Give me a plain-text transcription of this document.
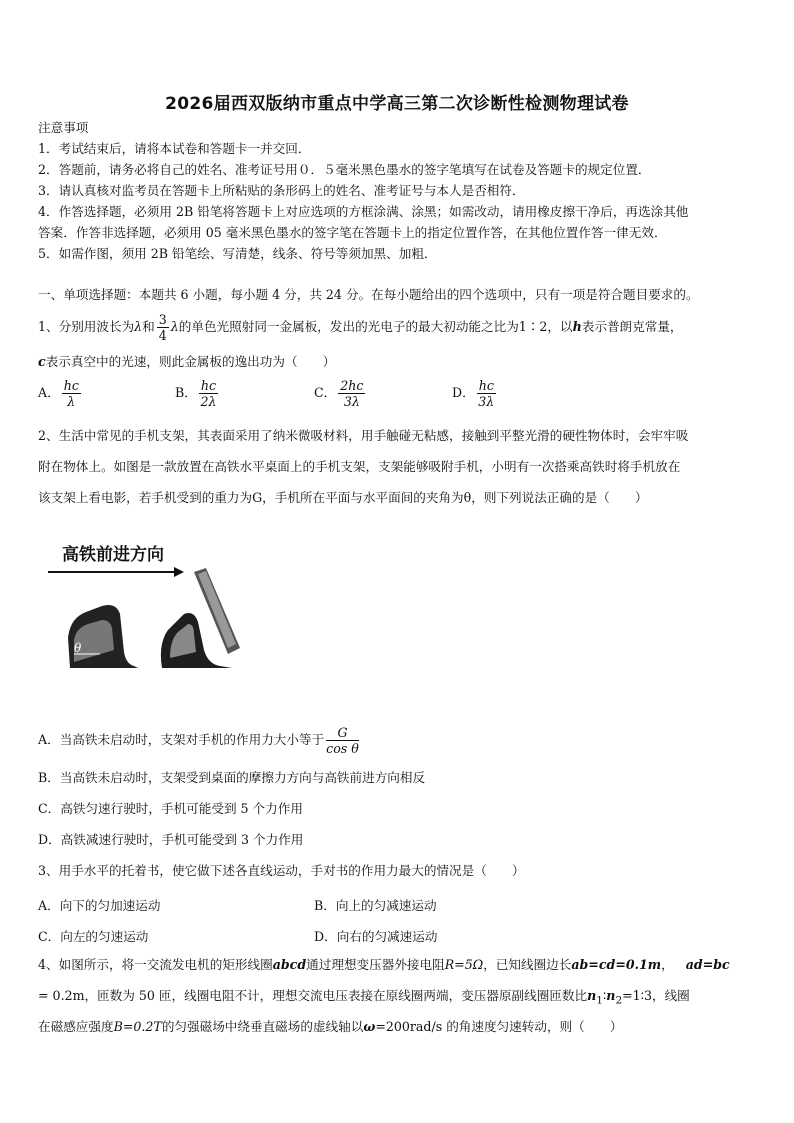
2026届西双版纳市重点中学高三第二次诊断性检测物理试卷
注意事项
1．考试结束后，请将本试卷和答题卡一并交回．
2．答题前，请务必将自己的姓名、准考证号用０．５毫米黑色墨水的签字笔填写在试卷及答题卡的规定位置．
3．请认真核对监考员在答题卡上所粘贴的条形码上的姓名、准考证号与本人是否相符．
4．作答选择题，必须用 2B 铅笔将答题卡上对应选项的方框涂满、涂黑；如需改动，请用橡皮擦干净后，再选涂其他
答案．作答非选择题，必须用 05 毫米黑色墨水的签字笔在答题卡上的指定位置作答，在其他位置作答一律无效．
5．如需作图，须用 2B 铅笔绘、写清楚，线条、符号等须加黑、加粗．
一、单项选择题：本题共 6 小题，每小题 4 分，共 24 分。在每小题给出的四个选项中，只有一项是符合题目要求的。
1、分别用波长为λ和 $\frac{3}{4}$ λ的单色光照射同一金属板，发出的光电子的最大初动能之比为1∶2，以h表示普朗克常量，
c表示真空中的光速，则此金属板的逸出功为（　　）
A． $\frac{hc}{\lambda}$	B． $\frac{hc}{2\lambda}$	C． $\frac{2hc}{3\lambda}$	D． $\frac{hc}{3\lambda}$
2、生活中常见的手机支架，其表面采用了纳米微吸材料，用手触碰无粘感，接触到平整光滑的硬性物体时，会牢牢吸
附在物体上。如图是一款放置在高铁水平桌面上的手机支架，支架能够吸附手机，小明有一次搭乘高铁时将手机放在
该支架上看电影，若手机受到的重力为G，手机所在平面与水平面间的夹角为θ，则下列说法正确的是（　　）
高铁前进方向
θ
A．当高铁未启动时，支架对手机的作用力大小等于 $\frac{G}{\text{cos θ}}$
B．当高铁未启动时，支架受到桌面的摩擦力方向与高铁前进方向相反
C．高铁匀速行驶时，手机可能受到 5 个力作用
D．高铁减速行驶时，手机可能受到 3 个力作用
3、用手水平的托着书，使它做下述各直线运动，手对书的作用力最大的情况是（　　）
A．向下的匀加速运动	B．向上的匀减速运动
C．向左的匀速运动	D．向右的匀减速运动
4、如图所示，将一交流发电机的矩形线圈abcd通过理想变压器外接电阻R=5Ω，已知线圈边长ab=cd=0.1m， ad=bc
= 0.2m，匝数为 50 匝，线圈电阻不计，理想交流电压表接在原线圈两端，变压器原副线圈匝数比$n_1∶n_2=1∶3$，线圈
在磁感应强度B=0.2T的匀强磁场中绕垂直磁场的虚线轴以ω=200rad/s 的角速度匀速转动，则（　　）
